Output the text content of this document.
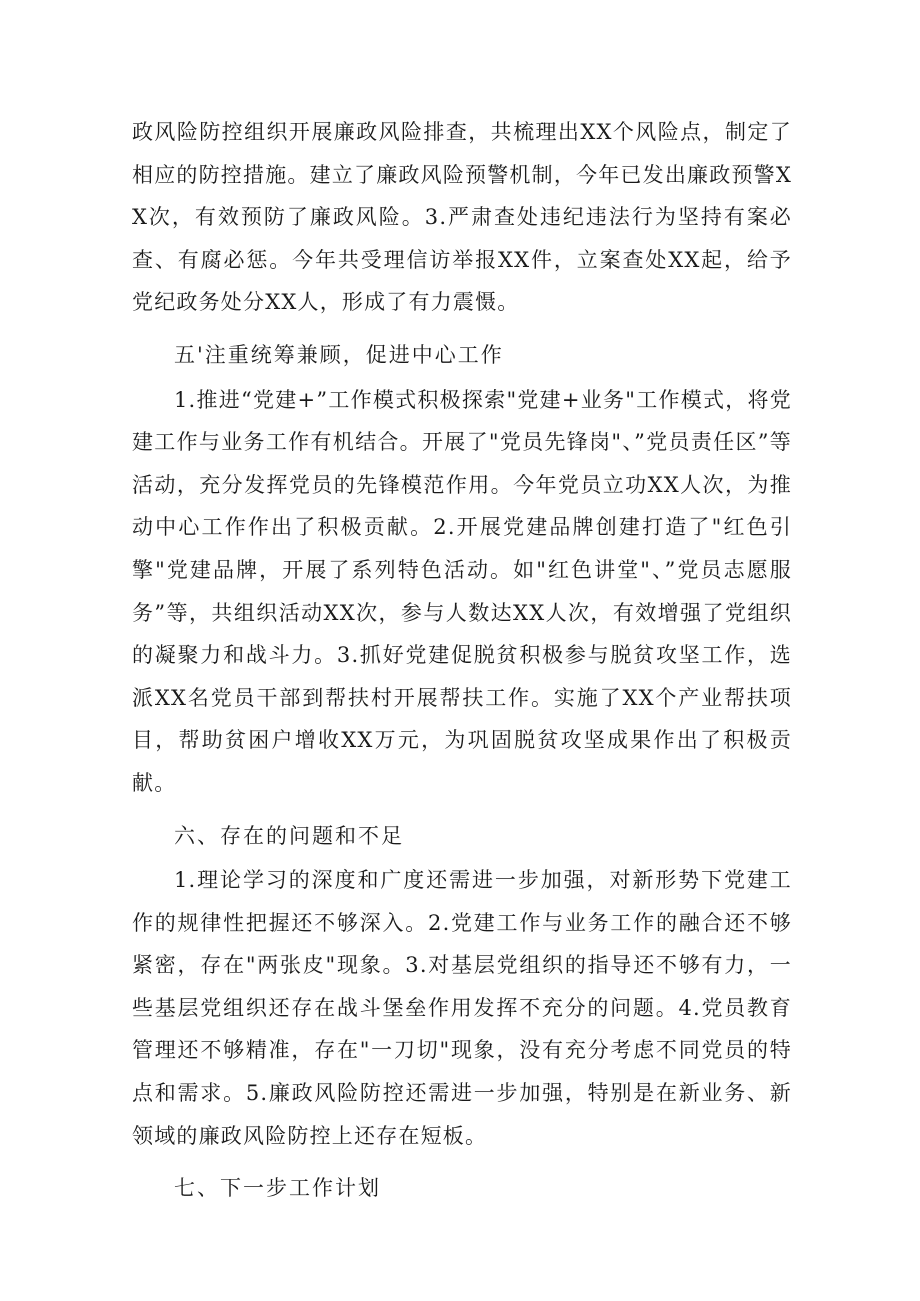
政风险防控组织开展廉政风险排查，共梳理出XX个风险点，制定了相应的防控措施。建立了廉政风险预警机制，今年已发出廉政预警XX次，有效预防了廉政风险。3.严肃查处违纪违法行为坚持有案必查、有腐必惩。今年共受理信访举报XX件，立案查处XX起，给予党纪政务处分XX人，形成了有力震慑。

五'注重统筹兼顾，促进中心工作

1.推进“党建+”工作模式积极探索"党建+业务"工作模式，将党建工作与业务工作有机结合。开展了"党员先锋岗"、”党员责任区”等活动，充分发挥党员的先锋模范作用。今年党员立功XX人次，为推动中心工作作出了积极贡献。2.开展党建品牌创建打造了"红色引擎"党建品牌，开展了系列特色活动。如"红色讲堂"、”党员志愿服务”等，共组织活动XX次，参与人数达XX人次，有效增强了党组织的凝聚力和战斗力。3.抓好党建促脱贫积极参与脱贫攻坚工作，选派XX名党员干部到帮扶村开展帮扶工作。实施了XX个产业帮扶项目，帮助贫困户增收XX万元，为巩固脱贫攻坚成果作出了积极贡献。

六、存在的问题和不足

1.理论学习的深度和广度还需进一步加强，对新形势下党建工作的规律性把握还不够深入。2.党建工作与业务工作的融合还不够紧密，存在"两张皮"现象。3.对基层党组织的指导还不够有力，一些基层党组织还存在战斗堡垒作用发挥不充分的问题。4.党员教育管理还不够精准，存在"一刀切"现象，没有充分考虑不同党员的特点和需求。5.廉政风险防控还需进一步加强，特别是在新业务、新领域的廉政风险防控上还存在短板。

七、下一步工作计划
